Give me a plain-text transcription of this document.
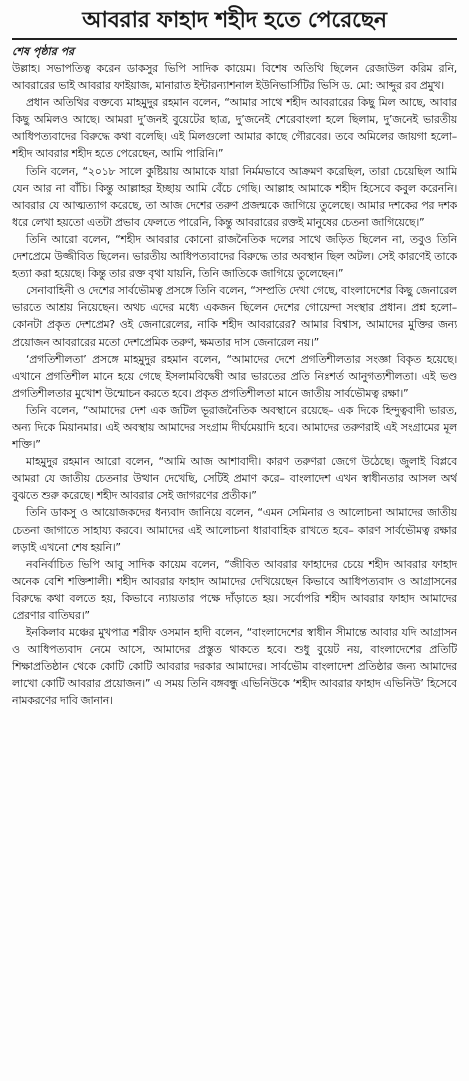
আবরার ফাহাদ শহীদ হতে পেরেছেন
শেষ পৃষ্ঠার পর

উল্লাহ। সভাপতিত্ব করেন ডাকসুর ভিপি সাদিক কায়েম। বিশেষ অতিথি ছিলেন রেজাউল করিম রনি, আবরারের ভাই আবরার ফাইয়াজ, মানারাত ইন্টারন্যাশনাল ইউনিভার্সিটির ভিসি ড. মো: আব্দুর রব প্রমুখ।

প্রধান অতিথির বক্তব্যে মাহমুদুর রহমান বলেন, “আমার সাথে শহীদ আবরারের কিছু মিল আছে, আবার কিছু অমিলও আছে। আমরা দু’জনই বুয়েটের ছাত্র, দু’জনেই শেরেবাংলা হলে ছিলাম, দু’জনেই ভারতীয় আধিপত্যবাদের বিরুদ্ধে কথা বলেছি। এই মিলগুলো আমার কাছে গৌরবের। তবে অমিলের জায়গা হলো– শহীদ আবরার শহীদ হতে পেরেছেন, আমি পারিনি।”

তিনি বলেন, “২০১৮ সালে কুষ্টিয়ায় আমাকে যারা নির্মমভাবে আক্রমণ করেছিল, তারা চেয়েছিল আমি যেন আর না বাঁচি। কিন্তু আল্লাহর ইচ্ছায় আমি বেঁচে গেছি। আল্লাহ আমাকে শহীদ হিসেবে কবুল করেননি। আবরার যে আত্মত্যাগ করেছে, তা আজ দেশের তরুণ প্রজন্মকে জাগিয়ে তুলেছে। আমার দশকের পর দশক ধরে লেখা হয়তো এতটা প্রভাব ফেলতে পারেনি, কিন্তু আবরারের রক্তই মানুষের চেতনা জাগিয়েছে।”

তিনি আরো বলেন, “শহীদ আবরার কোনো রাজনৈতিক দলের সাথে জড়িত ছিলেন না, তবুও তিনি দেশপ্রেমে উজ্জীবিত ছিলেন। ভারতীয় আধিপত্যবাদের বিরুদ্ধে তার অবস্থান ছিল অটল। সেই কারণেই তাকে হত্যা করা হয়েছে। কিন্তু তার রক্ত বৃথা যায়নি, তিনি জাতিকে জাগিয়ে তুলেছেন।”

সেনাবাহিনী ও দেশের সার্বভৌমত্ব প্রসঙ্গে তিনি বলেন, “সম্প্রতি দেখা গেছে, বাংলাদেশের কিছু জেনারেল ভারতে আশ্রয় নিয়েছেন। অথচ এদের মধ্যে একজন ছিলেন দেশের গোয়েন্দা সংস্থার প্রধান। প্রশ্ন হলো– কোনটা প্রকৃত দেশপ্রেম? ওই জেনারেলের, নাকি শহীদ আবরারের? আমার বিশ্বাস, আমাদের মুক্তির জন্য প্রয়োজন আবরারের মতো দেশপ্রেমিক তরুণ, ক্ষমতার দাস জেনারেল নয়।”

‘প্রগতিশীলতা’ প্রসঙ্গে মাহমুদুর রহমান বলেন, “আমাদের দেশে প্রগতিশীলতার সংজ্ঞা বিকৃত হয়েছে। এখানে প্রগতিশীল মানে হয়ে গেছে ইসলামবিদ্বেষী আর ভারতের প্রতি নিঃশর্ত আনুগত্যশীলতা। এই ভণ্ড প্রগতিশীলতার মুখোশ উন্মোচন করতে হবে। প্রকৃত প্রগতিশীলতা মানে জাতীয় সার্বভৌমত্ব রক্ষা।”

তিনি বলেন, “আমাদের দেশ এক জটিল ভূরাজনৈতিক অবস্থানে রয়েছে– এক দিকে হিন্দুত্ববাদী ভারত, অন্য দিকে মিয়ানমার। এই অবস্থায় আমাদের সংগ্রাম দীর্ঘমেয়াদি হবে। আমাদের তরুণরাই এই সংগ্রামের মূল শক্তি।”

মাহমুদুর রহমান আরো বলেন, “আমি আজ আশাবাদী। কারণ তরুণরা জেগে উঠেছে। জুলাই বিপ্লবে আমরা যে জাতীয় চেতনার উত্থান দেখেছি, সেটিই প্রমাণ করে– বাংলাদেশ এখন স্বাধীনতার আসল অর্থ বুঝতে শুরু করেছে। শহীদ আবরার সেই জাগরণের প্রতীক।”

তিনি ডাকসু ও আয়োজকদের ধন্যবাদ জানিয়ে বলেন, “এমন সেমিনার ও আলোচনা আমাদের জাতীয় চেতনা জাগাতে সাহায্য করবে। আমাদের এই আলোচনা ধারাবাহিক রাখতে হবে– কারণ সার্বভৌমত্ব রক্ষার লড়াই এখনো শেষ হয়নি।”

নবনির্বাচিত ভিপি আবু সাদিক কায়েম বলেন, “জীবিত আবরার ফাহাদের চেয়ে শহীদ আবরার ফাহাদ অনেক বেশি শক্তিশালী। শহীদ আবরার ফাহাদ আমাদের দেখিয়েছেন কিভাবে আধিপত্যবাদ ও আগ্রাসনের বিরুদ্ধে কথা বলতে হয়, কিভাবে ন্যায়তার পক্ষে দাঁড়াতে হয়। সর্বোপরি শহীদ আবরার ফাহাদ আমাদের প্রেরণার বাতিঘর।”

ইনকিলাব মঞ্চের মুখপাত্র শরীফ ওসমান হাদী বলেন, “বাংলাদেশের স্বাধীন সীমান্তে আবার যদি আগ্রাসন ও আধিপত্যবাদ নেমে আসে, আমাদের প্রস্তুত থাকতে হবে। শুধু বুয়েট নয়, বাংলাদেশের প্রতিটি শিক্ষাপ্রতিষ্ঠান থেকে কোটি কোটি আবরার দরকার আমাদের। সার্বভৌম বাংলাদেশ প্রতিষ্ঠার জন্য আমাদের লাখো কোটি আবরার প্রয়োজন।” এ সময় তিনি বঙ্গবন্ধু এভিনিউকে ‘শহীদ আবরার ফাহাদ এভিনিউ’ হিসেবে নামকরণের দাবি জানান।
